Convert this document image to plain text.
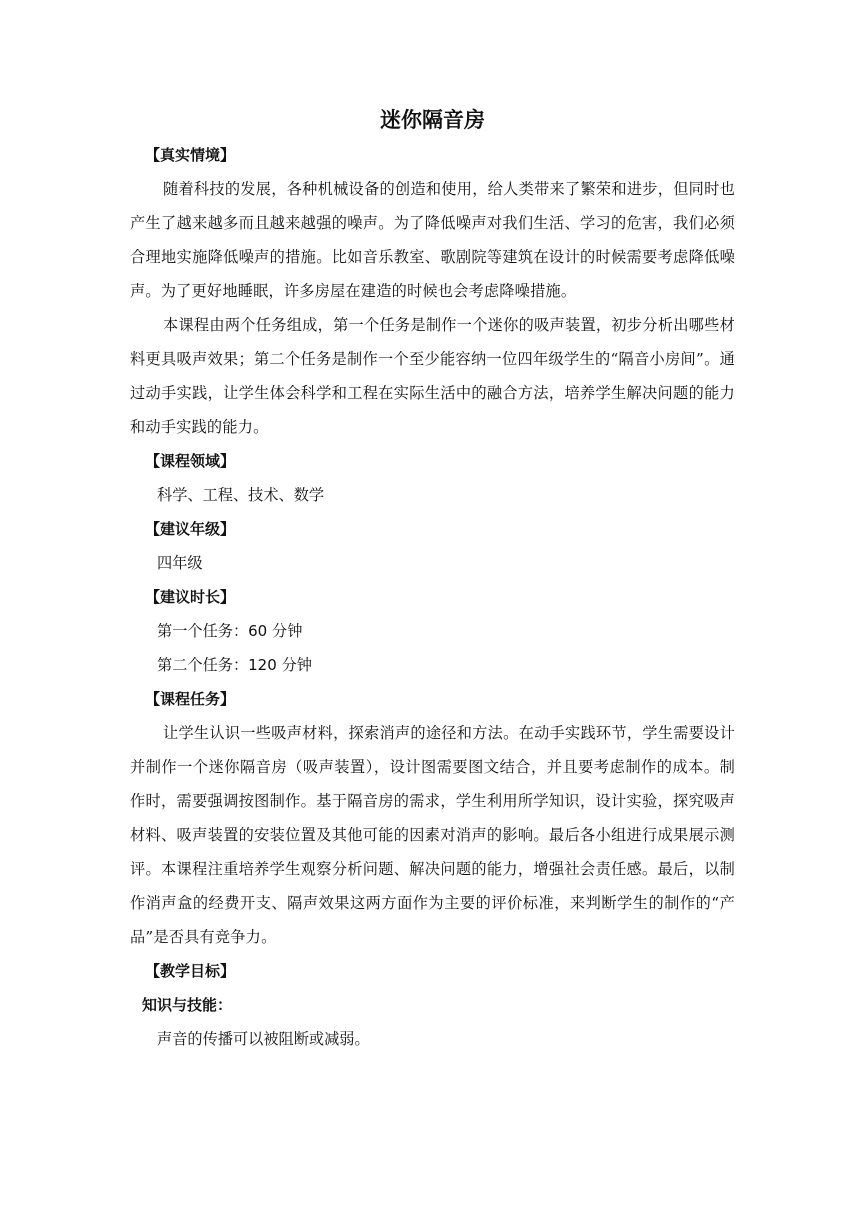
迷你隔音房

【真实情境】

随着科技的发展，各种机械设备的创造和使用，给人类带来了繁荣和进步，但同时也产生了越来越多而且越来越强的噪声。为了降低噪声对我们生活、学习的危害，我们必须合理地实施降低噪声的措施。比如音乐教室、歌剧院等建筑在设计的时候需要考虑降低噪声。为了更好地睡眠，许多房屋在建造的时候也会考虑降噪措施。

本课程由两个任务组成，第一个任务是制作一个迷你的吸声装置，初步分析出哪些材料更具吸声效果；第二个任务是制作一个至少能容纳一位四年级学生的“隔音小房间”。通过动手实践，让学生体会科学和工程在实际生活中的融合方法，培养学生解决问题的能力和动手实践的能力。

【课程领域】

科学、工程、技术、数学

【建议年级】

四年级

【建议时长】

第一个任务：60 分钟

第二个任务：120 分钟

【课程任务】

让学生认识一些吸声材料，探索消声的途径和方法。在动手实践环节，学生需要设计并制作一个迷你隔音房（吸声装置），设计图需要图文结合，并且要考虑制作的成本。制作时，需要强调按图制作。基于隔音房的需求，学生利用所学知识，设计实验，探究吸声材料、吸声装置的安装位置及其他可能的因素对消声的影响。最后各小组进行成果展示测评。本课程注重培养学生观察分析问题、解决问题的能力，增强社会责任感。最后，以制作消声盒的经费开支、隔声效果这两方面作为主要的评价标准，来判断学生的制作的“产品”是否具有竞争力。

【教学目标】

知识与技能：

声音的传播可以被阻断或减弱。
